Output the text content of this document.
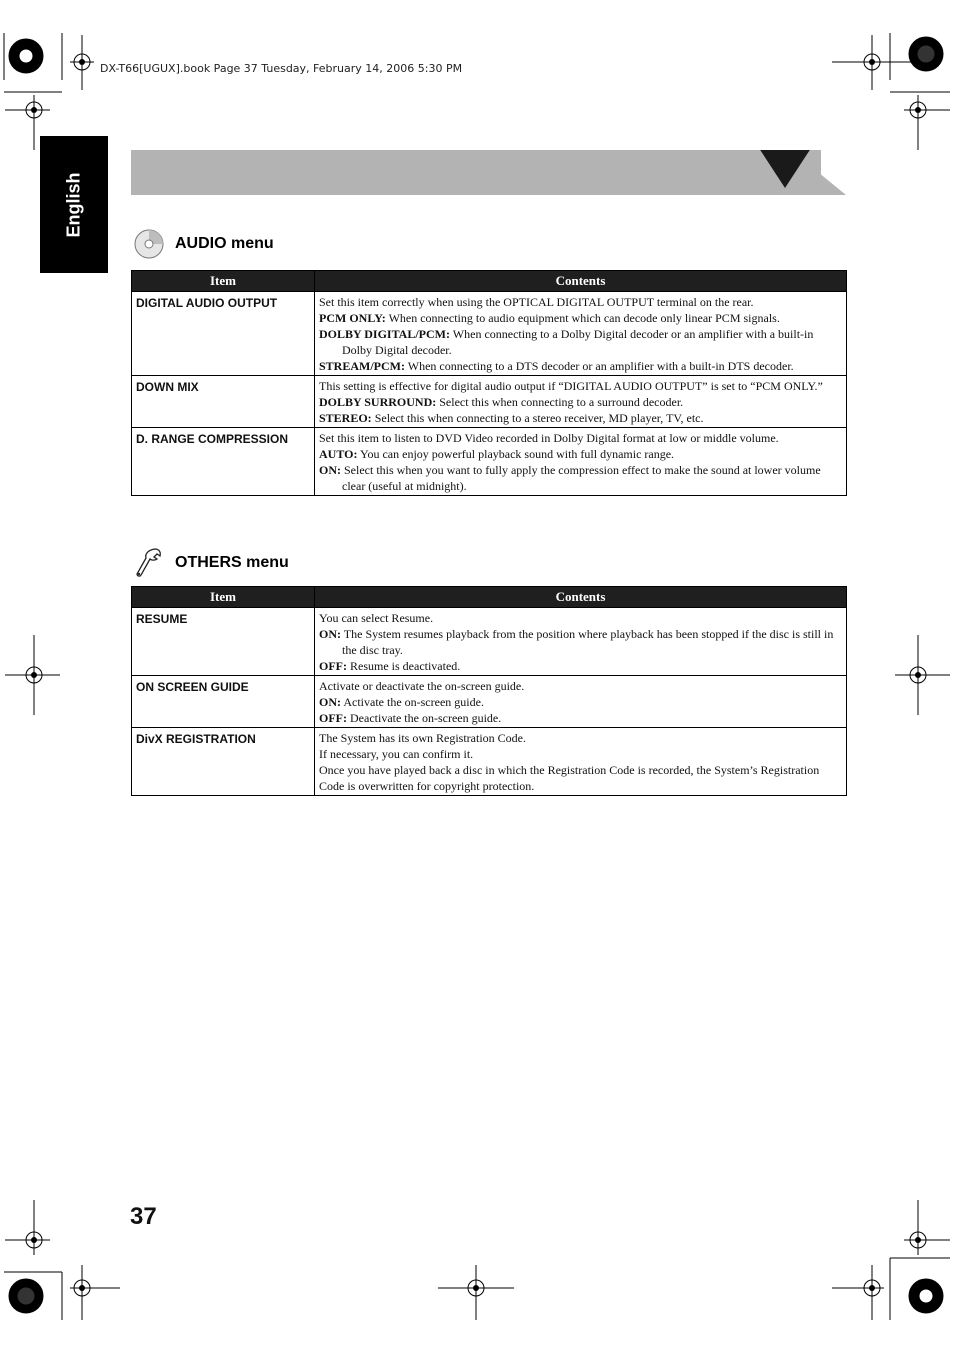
DX-T66[UGUX].book Page 37 Tuesday, February 14, 2006 5:30 PM
English
AUDIO menu
Item	Contents
DIGITAL AUDIO OUTPUT	Set this item correctly when using the OPTICAL DIGITAL OUTPUT terminal on the rear.
PCM ONLY: When connecting to audio equipment which can decode only linear PCM signals.
DOLBY DIGITAL/PCM: When connecting to a Dolby Digital decoder or an amplifier with a built-in Dolby Digital decoder.
STREAM/PCM: When connecting to a DTS decoder or an amplifier with a built-in DTS decoder.

DOWN MIX	This setting is effective for digital audio output if “DIGITAL AUDIO OUTPUT” is set to “PCM ONLY.”
DOLBY SURROUND: Select this when connecting to a surround decoder.
STEREO: Select this when connecting to a stereo receiver, MD player, TV, etc.

D. RANGE COMPRESSION	Set this item to listen to DVD Video recorded in Dolby Digital format at low or middle volume.
AUTO: You can enjoy powerful playback sound with full dynamic range.
ON: Select this when you want to fully apply the compression effect to make the sound at lower volume clear (useful at midnight).
OTHERS menu
Item	Contents
RESUME	You can select Resume.
ON: The System resumes playback from the position where playback has been stopped if the disc is still in the disc tray.
OFF: Resume is deactivated.

ON SCREEN GUIDE	Activate or deactivate the on-screen guide.
ON: Activate the on-screen guide.
OFF: Deactivate the on-screen guide.

DivX REGISTRATION	The System has its own Registration Code.
If necessary, you can confirm it.
Once you have played back a disc in which the Registration Code is recorded, the System’s Registration Code is overwritten for copyright protection.
37
